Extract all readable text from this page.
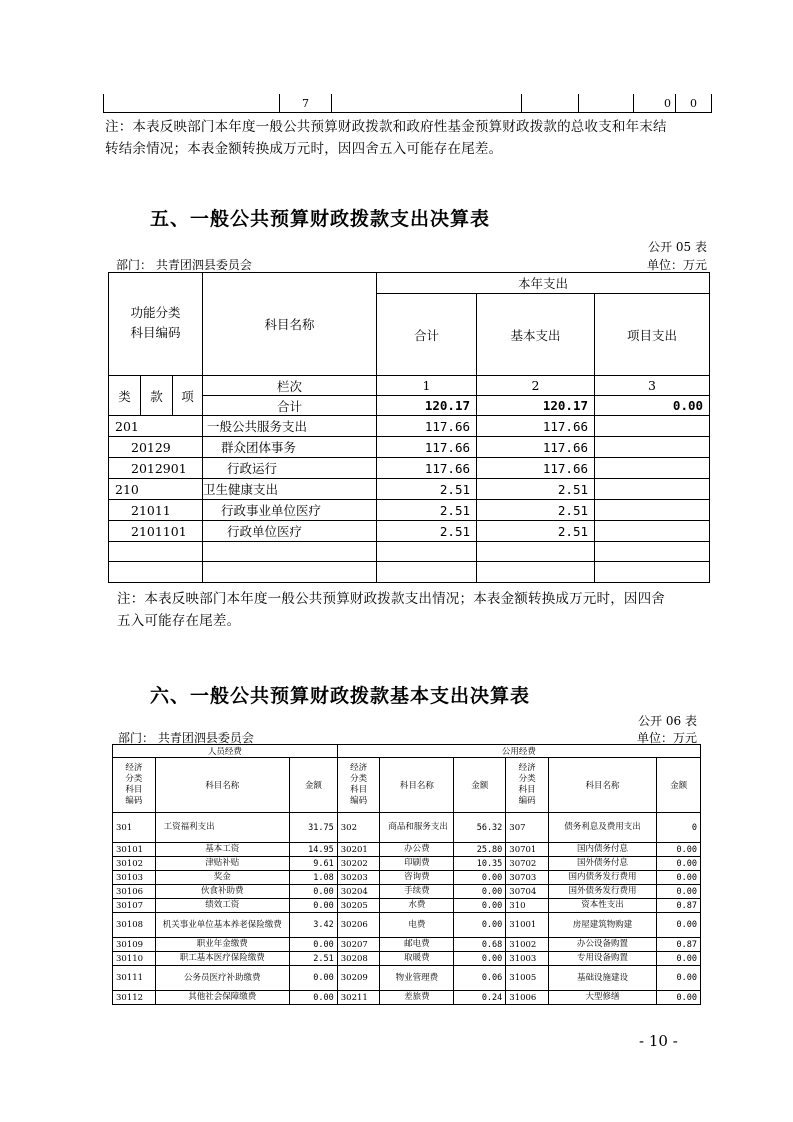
	7				0	0
注：本表反映部门本年度一般公共预算财政拨款和政府性基金预算财政拨款的总收支和年末结
转结余情况；本表金额转换成万元时，因四舍五入可能存在尾差。
五、一般公共预算财政拨款支出决算表
公开 05 表
部门： 共青团泗县委员会	单位：万元
功能分类
科目编码			科目名称	本年支出		
				合计	基本支出	项目支出
类	款	项	栏次	1	2	3
			合计	120.17	120.17	0.00
201			一般公共服务支出	117.66	117.66	
20129			群众团体事务	117.66	117.66	
2012901			行政运行	117.66	117.66	
210			卫生健康支出	2.51	2.51	
21011			行政事业单位医疗	2.51	2.51	
2101101			行政单位医疗	2.51	2.51	

注：本表反映部门本年度一般公共预算财政拨款支出情况；本表金额转换成万元时，因四舍
五入可能存在尾差。
六、一般公共预算财政拨款基本支出决算表
公开 06 表
部门： 共青团泗县委员会	单位：万元
人员经费			公用经费					
经济
分类
科目
编码	科目名称	金额	经济
分类
科目
编码	科目名称	金额	经济
分类
科目
编码	科目名称	金额
301	工资福利支出	31.75	302	商品和服务支出	56.32	307	债务利息及费用支出	0
30101	基本工资	14.95	30201	办公费	25.80	30701	国内债务付息	0.00
30102	津贴补贴	9.61	30202	印刷费	10.35	30702	国外债务付息	0.00
30103	奖金	1.08	30203	咨询费	0.00	30703	国内债务发行费用	0.00
30106	伙食补助费	0.00	30204	手续费	0.00	30704	国外债务发行费用	0.00
30107	绩效工资	0.00	30205	水费	0.00	310	资本性支出	0.87
30108	机关事业单位基本养老保险缴费	3.42	30206	电费	0.00	31001	房屋建筑物购建	0.00
30109	职业年金缴费	0.00	30207	邮电费	0.68	31002	办公设备购置	0.87
30110	职工基本医疗保险缴费	2.51	30208	取暖费	0.00	31003	专用设备购置	0.00
30111	公务员医疗补助缴费	0.00	30209	物业管理费	0.06	31005	基础设施建设	0.00
30112	其他社会保障缴费	0.00	30211	差旅费	0.24	31006	大型修缮	0.00
- 10 -
